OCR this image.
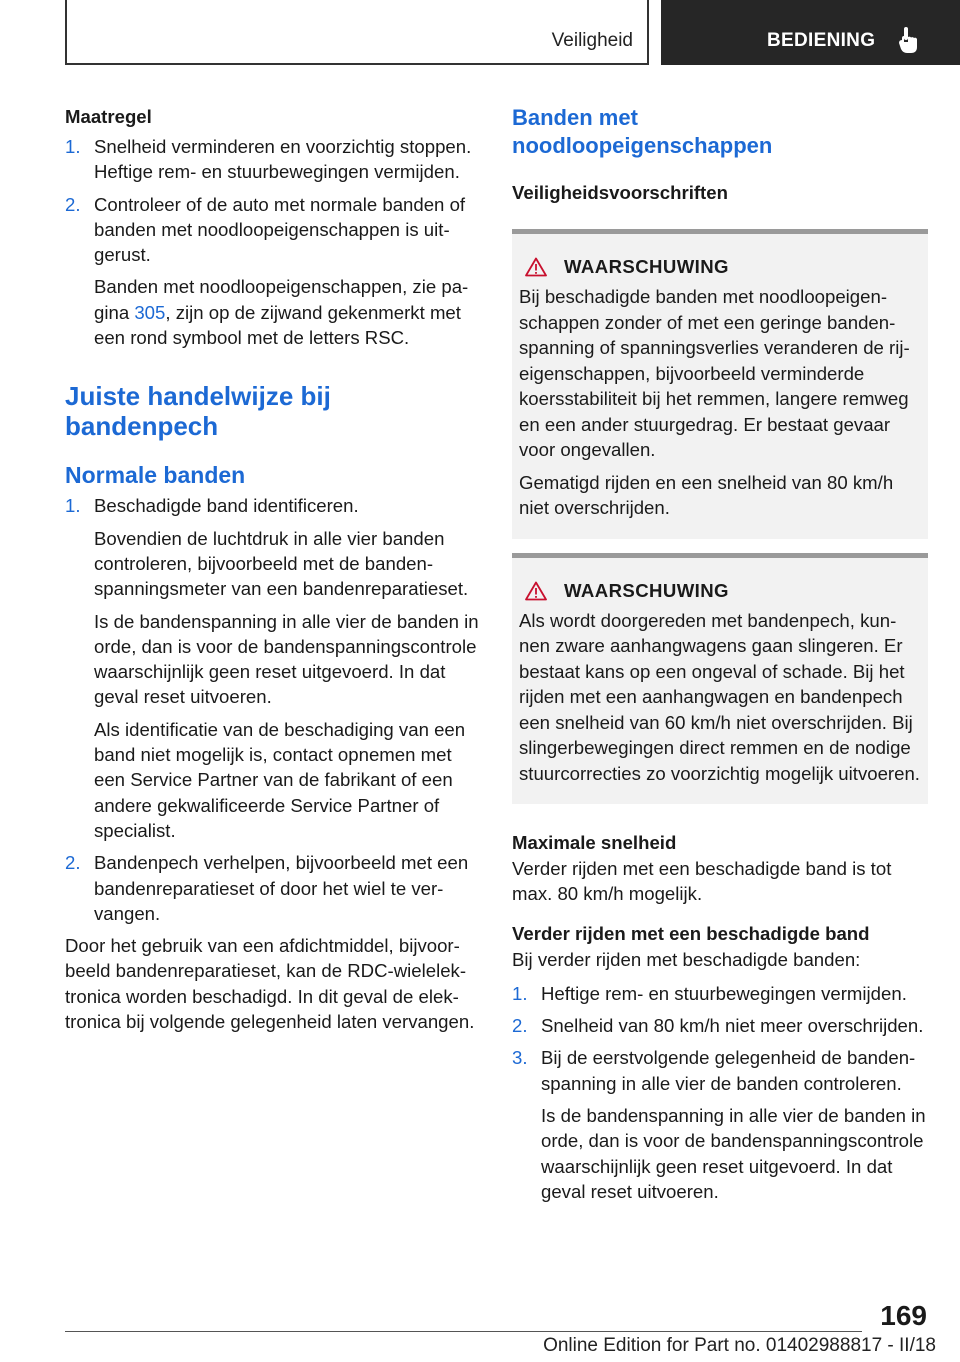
Veiligheid	BEDIENING
Maatregel
1. Snelheid verminderen en voorzichtig stoppen. Heftige rem- en stuurbewegingen vermijden.
2. Controleer of de auto met normale banden of banden met noodloopeigenschappen is uitgerust.
Banden met noodloopeigenschappen, zie pagina 305, zijn op de zijwand gekenmerkt met een rond symbool met de letters RSC.
Juiste handelwijze bij bandenpech
Normale banden
1. Beschadigde band identificeren.
Bovendien de luchtdruk in alle vier banden controleren, bijvoorbeeld met de bandenspanningsmeter van een bandenreparatieset.
Is de bandenspanning in alle vier de banden in orde, dan is voor de bandenspanningscontrole waarschijnlijk geen reset uitgevoerd. In dat geval reset uitvoeren.
Als identificatie van de beschadiging van een band niet mogelijk is, contact opnemen met een Service Partner van de fabrikant of een andere gekwalificeerde Service Partner of specialist.
2. Bandenpech verhelpen, bijvoorbeeld met een bandenreparatieset of door het wiel te vervangen.
Door het gebruik van een afdichtmiddel, bijvoorbeeld bandenreparatieset, kan de RDC-wielelektronica worden beschadigd. In dit geval de elektronica bij volgende gelegenheid laten vervangen.
Banden met noodloopeigenschappen
Veiligheidsvoorschriften
WAARSCHUWING
Bij beschadigde banden met noodloopeigenschappen zonder of met een geringe bandenspanning of spanningsverlies veranderen de rijeigenschappen, bijvoorbeeld verminderde koersstabiliteit bij het remmen, langere remweg en een ander stuurgedrag. Er bestaat gevaar voor ongevallen.
Gematigd rijden en een snelheid van 80 km/h niet overschrijden.
WAARSCHUWING
Als wordt doorgereden met bandenpech, kunnen zware aanhangwagens gaan slingeren. Er bestaat kans op een ongeval of schade. Bij het rijden met een aanhangwagen en bandenpech een snelheid van 60 km/h niet overschrijden. Bij slingerbewegingen direct remmen en de nodige stuurcorrecties zo voorzichtig mogelijk uitvoeren.
Maximale snelheid
Verder rijden met een beschadigde band is tot max. 80 km/h mogelijk.
Verder rijden met een beschadigde band
Bij verder rijden met beschadigde banden:
1. Heftige rem- en stuurbewegingen vermijden.
2. Snelheid van 80 km/h niet meer overschrijden.
3. Bij de eerstvolgende gelegenheid de bandenspanning in alle vier de banden controleren.
Is de bandenspanning in alle vier de banden in orde, dan is voor de bandenspanningscontrole waarschijnlijk geen reset uitgevoerd. In dat geval reset uitvoeren.
169
Online Edition for Part no. 01402988817 - II/18
